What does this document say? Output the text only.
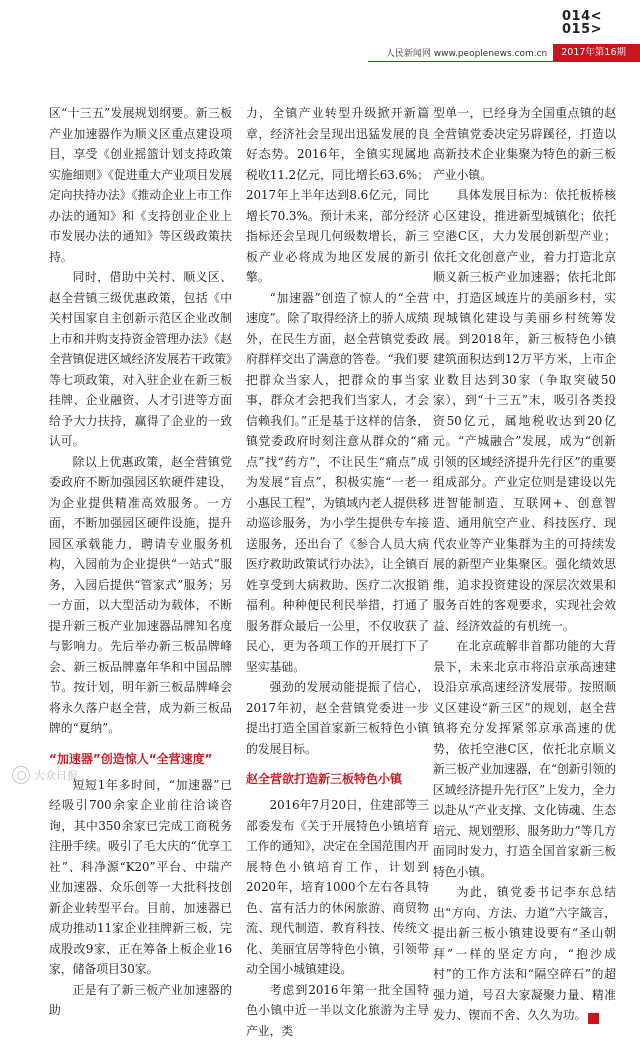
014<
015>
人民新闻网 www.peoplenews.com.cn	2017年第16期

区“十三五”发展规划纲要。新三板产业加速器作为顺义区重点建设项目，享受《创业摇篮计划支持政策实施细则》《促进重大产业项目发展定向扶持办法》《推动企业上市工作办法的通知》和《支持创业企业上市发展办法的通知》等区级政策扶持。

同时，借助中关村、顺义区、赵全营镇三级优惠政策，包括《中关村国家自主创新示范区企业改制上市和并购支持资金管理办法》《赵全营镇促进区域经济发展若干政策》等七项政策，对入驻企业在新三板挂牌、企业融资、人才引进等方面给予大力扶持，赢得了企业的一致认可。

除以上优惠政策，赵全营镇党委政府不断加强园区软硬件建设，为企业提供精准高效服务。一方面，不断加强园区硬件设施，提升园区承载能力，聘请专业服务机构，入园前为企业提供“一站式”服务，入园后提供“管家式”服务；另一方面，以大型活动为载体，不断提升新三板产业加速器品牌知名度与影响力。先后举办新三板品牌峰会、新三板品牌嘉年华和中国品牌节。按计划，明年新三板品牌峰会将永久落户赵全营，成为新三板品牌的“夏纳”。

“加速器”创造惊人“全营速度”

短短1年多时间，“加速器”已经吸引700余家企业前往洽谈咨询，其中350余家已完成工商税务注册手续。吸引了毛大庆的“优享工社”、科净源“K20”平台、中瑞产业加速器、众乐创等一大批科技创新企业转型平台。目前，加速器已成功推动11家企业挂牌新三板，完成股改9家，正在筹备上板企业16家，储备项目30家。

正是有了新三板产业加速器的助

力，全镇产业转型升级掀开新篇章，经济社会呈现出迅猛发展的良好态势。2016年，全镇实现属地税收11.2亿元，同比增长63.6%；2017年上半年达到8.6亿元，同比增长70.3%。预计未来，部分经济指标还会呈现几何级数增长，新三板产业必将成为地区发展的新引擎。

“加速器”创造了惊人的“全营速度”。除了取得经济上的骄人成绩外，在民生方面，赵全营镇党委政府群样交出了满意的答卷。“我们要把群众当家人，把群众的事当家事，群众才会把我们当家人，才会信赖我们。”正是基于这样的信条，镇党委政府时刻注意从群众的“痛点”找“药方”，不让民生“痛点”成为发展“盲点”，积极实施“一老一小惠民工程”，为镇域内老人提供移动巡诊服务，为小学生提供专车接送服务，还出台了《参合人员大病医疗救助政策试行办法》，让全镇百姓享受到大病救助、医疗二次报销福利。种种便民利民举措，打通了服务群众最后一公里，不仅收获了民心，更为各项工作的开展打下了坚实基础。

强劲的发展动能提振了信心，2017年初，赵全营镇党委进一步提出打造全国首家新三板特色小镇的发展目标。

赵全营欲打造新三板特色小镇

2016年7月20日，住建部等三部委发布《关于开展特色小镇培育工作的通知》，决定在全国范围内开展特色小镇培育工作，计划到2020年，培育1000个左右各具特色、富有活力的休闲旅游、商贸物流、现代制造、教育科技、传统文化、美丽宜居等特色小镇，引领带动全国小城镇建设。

考虑到2016年第一批全国特色小镇中近一半以文化旅游为主导产业，类

型单一，已经身为全国重点镇的赵全营镇党委决定另辟蹊径，打造以高新技术企业集聚为特色的新三板产业小镇。

具体发展目标为：依托板桥核心区建设，推进新型城镇化；依托空港C区，大力发展创新型产业；依托文化创意产业，着力打造北京顺义新三板产业加速器；依托北郎中，打造区域连片的美丽乡村，实现城镇化建设与美丽乡村统筹发展。到2018年，新三板特色小镇建筑面积达到12万平方米，上市企业数目达到30家（争取突破50家），到“十三五”末，吸引各类投资50亿元，属地税收达到20亿元。“产城融合”发展，成为“创新引领的区域经济提升先行区”的重要组成部分。产业定位则是建设以先进智能制造、互联网+、创意智造、通用航空产业、科技医疗、现代农业等产业集群为主的可持续发展的新型产业集聚区。强化绩效思维，追求投资建设的深层次效果和服务百姓的客观要求，实现社会效益、经济效益的有机统一。

在北京疏解非首都功能的大背景下，未来北京市将沿京承高速建设沿京承高速经济发展带。按照顺义区建设“新三区”的规划，赵全营镇将充分发挥紧邻京承高速的优势，依托空港C区，依托北京顺义新三板产业加速器，在“创新引领的区域经济提升先行区”上发力，全力以赴从“产业支撑、文化铸魂、生态培元、规划塑形、服务助力”等几方面同时发力，打造全国首家新三板特色小镇。

为此，镇党委书记李东总结出“方向、方法、力道”六字箴言，提出新三板小镇建设要有“圣山朝拜”一样的坚定方向，“抱沙成村”的工作方法和“隔空碎石”的超强力道，号召大家凝聚力量、精准发力、锲而不舍、久久为功。	K

大众日报
